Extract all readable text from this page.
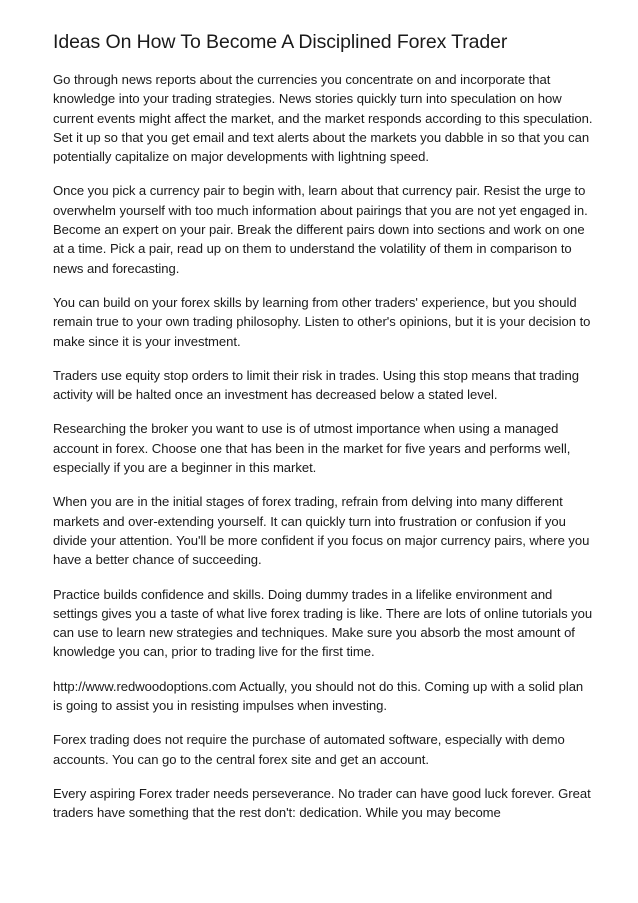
Ideas On How To Become A Disciplined Forex Trader

Go through news reports about the currencies you concentrate on and incorporate that knowledge into your trading strategies. News stories quickly turn into speculation on how current events might affect the market, and the market responds according to this speculation. Set it up so that you get email and text alerts about the markets you dabble in so that you can potentially capitalize on major developments with lightning speed.

Once you pick a currency pair to begin with, learn about that currency pair. Resist the urge to overwhelm yourself with too much information about pairings that you are not yet engaged in. Become an expert on your pair. Break the different pairs down into sections and work on one at a time. Pick a pair, read up on them to understand the volatility of them in comparison to news and forecasting.

You can build on your forex skills by learning from other traders' experience, but you should remain true to your own trading philosophy. Listen to other's opinions, but it is your decision to make since it is your investment.

Traders use equity stop orders to limit their risk in trades. Using this stop means that trading activity will be halted once an investment has decreased below a stated level.

Researching the broker you want to use is of utmost importance when using a managed account in forex. Choose one that has been in the market for five years and performs well, especially if you are a beginner in this market.

When you are in the initial stages of forex trading, refrain from delving into many different markets and over-extending yourself. It can quickly turn into frustration or confusion if you divide your attention. You'll be more confident if you focus on major currency pairs, where you have a better chance of succeeding.

Practice builds confidence and skills. Doing dummy trades in a lifelike environment and settings gives you a taste of what live forex trading is like. There are lots of online tutorials you can use to learn new strategies and techniques. Make sure you absorb the most amount of knowledge you can, prior to trading live for the first time.

http://www.redwoodoptions.com Actually, you should not do this. Coming up with a solid plan is going to assist you in resisting impulses when investing.

Forex trading does not require the purchase of automated software, especially with demo accounts. You can go to the central forex site and get an account.

Every aspiring Forex trader needs perseverance. No trader can have good luck forever. Great traders have something that the rest don't: dedication. While you may become
